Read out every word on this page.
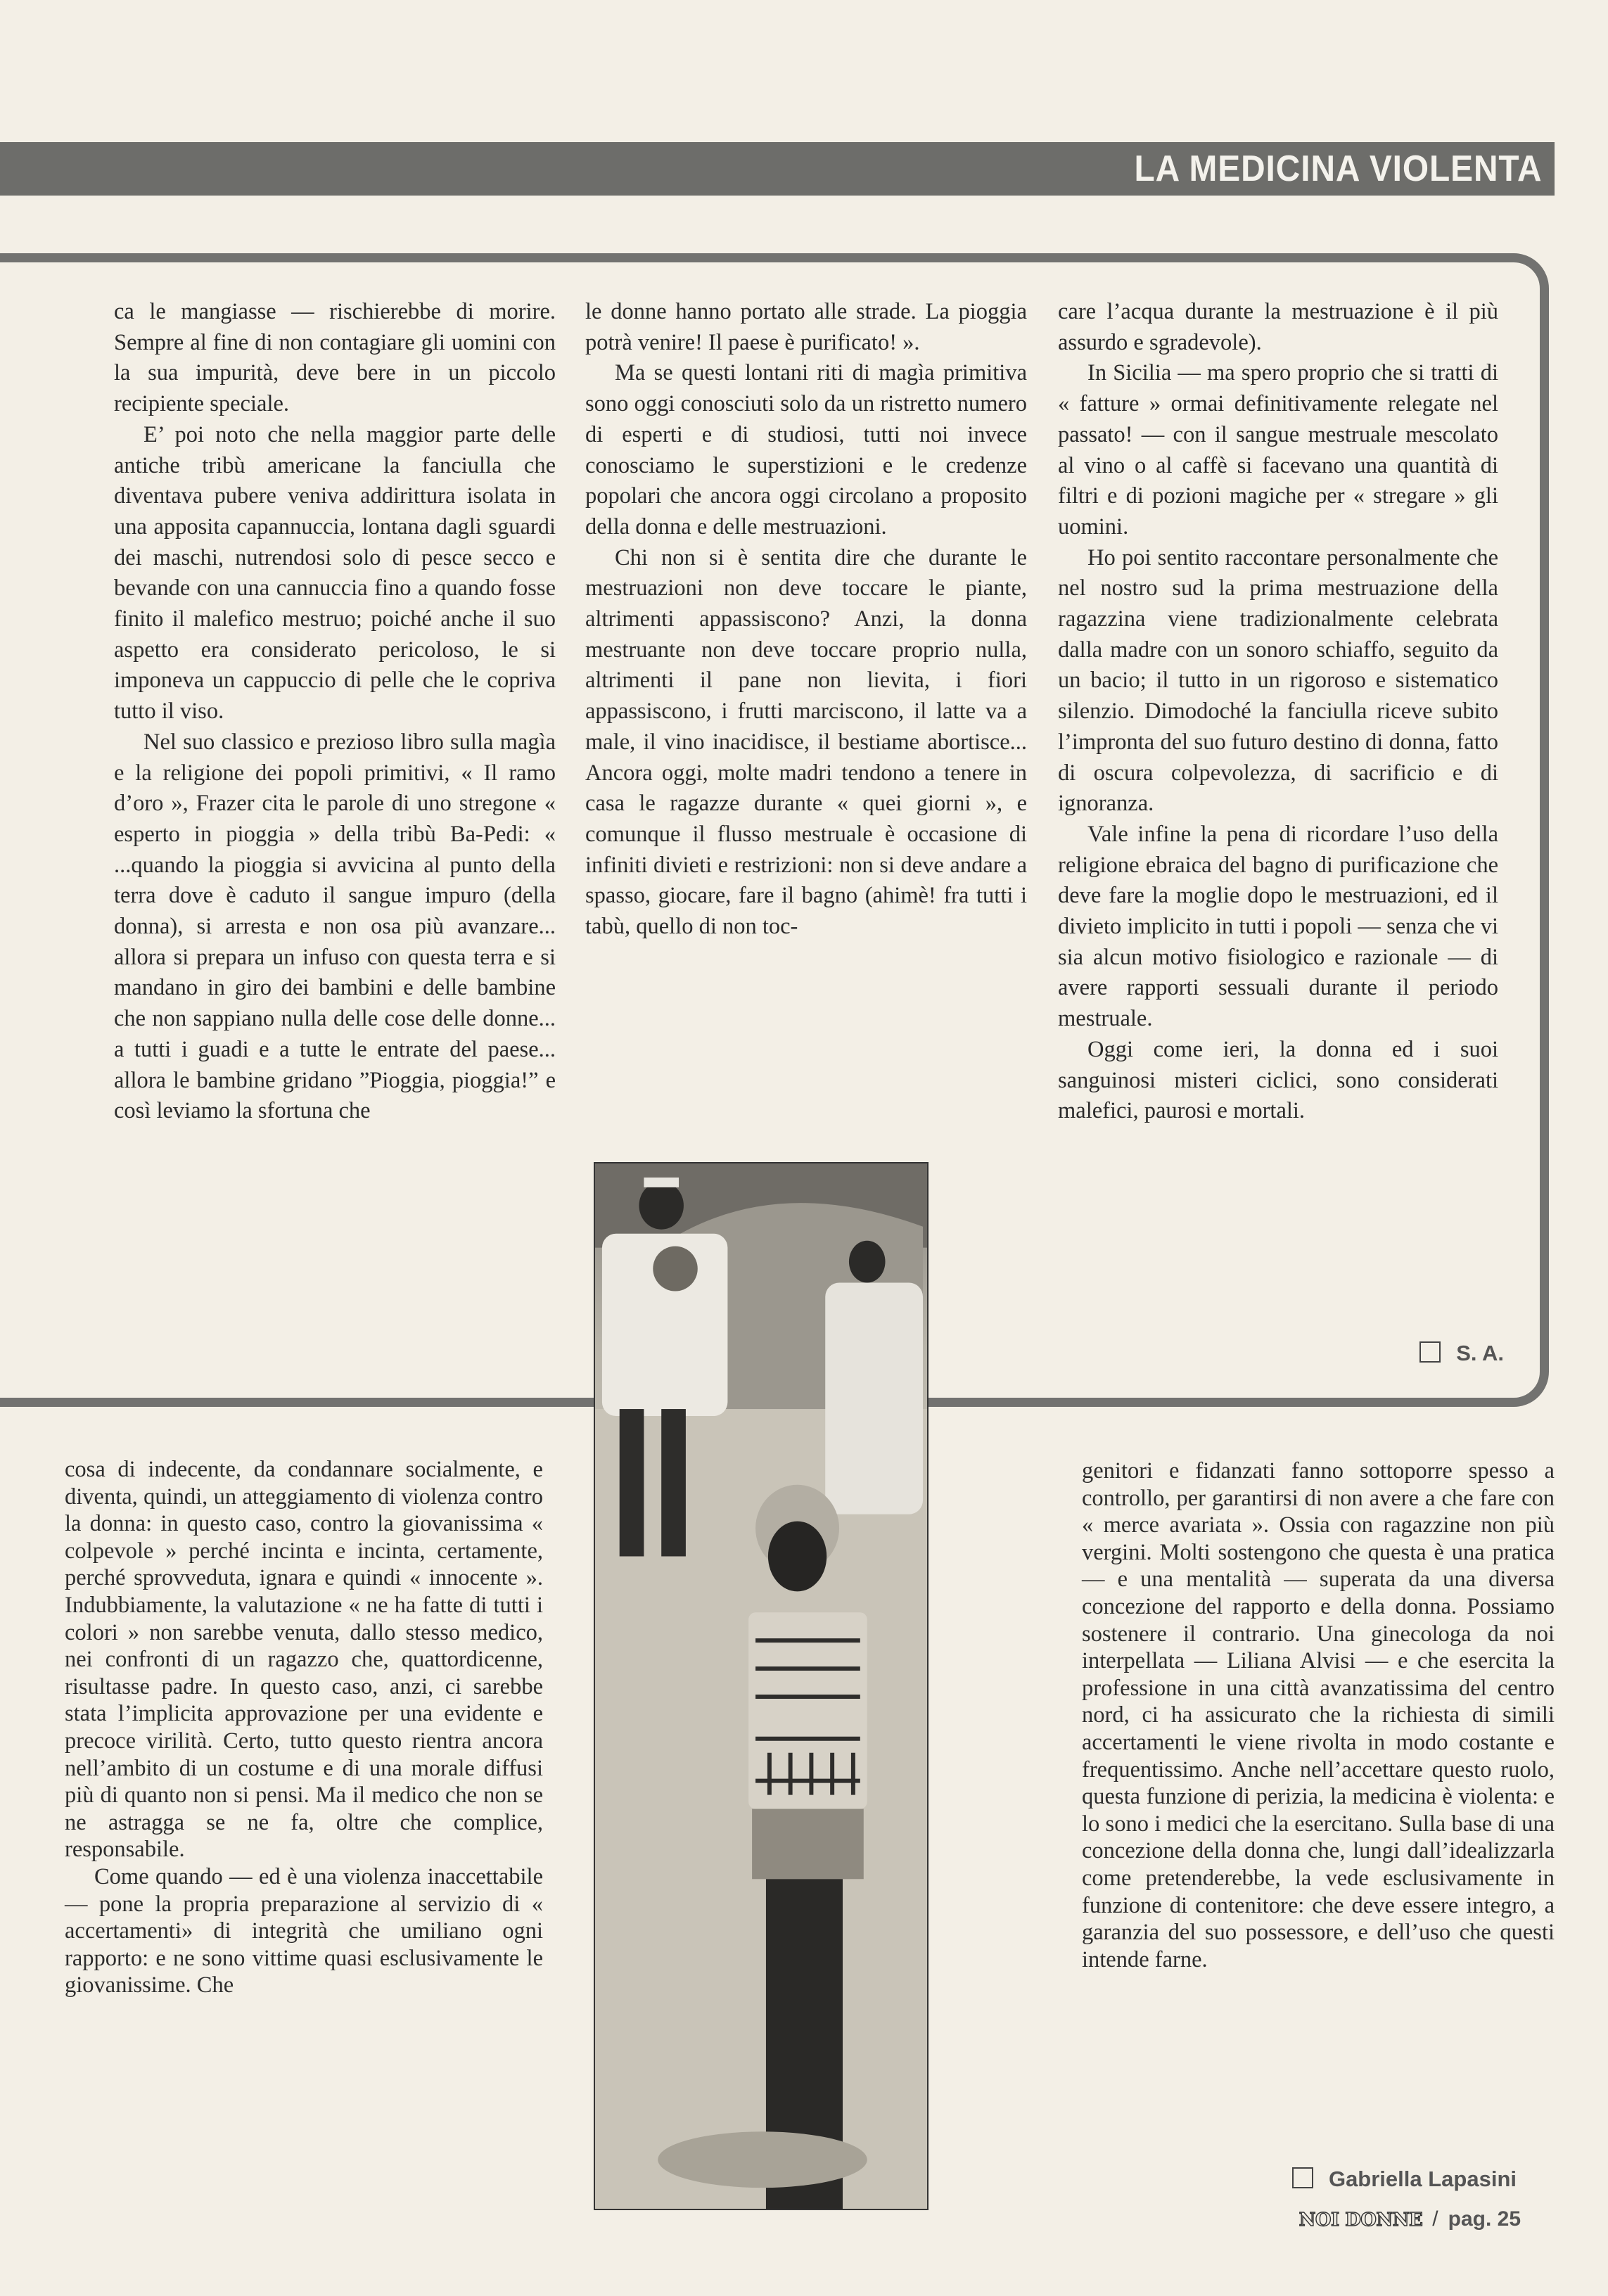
LA MEDICINA VIOLENTA

ca le mangiasse — rischierebbe di morire. Sempre al fine di non contagiare gli uomini con la sua impurità, deve bere in un piccolo recipiente speciale.

E’ poi noto che nella maggior parte delle antiche tribù americane la fanciulla che diventava pubere veniva addirittura isolata in una apposita capannuccia, lontana dagli sguardi dei maschi, nutrendosi solo di pesce secco e bevande con una cannuccia fino a quando fosse finito il malefico mestruo; poiché anche il suo aspetto era considerato pericoloso, le si imponeva un cappuccio di pelle che le copriva tutto il viso.

Nel suo classico e prezioso libro sulla magìa e la religione dei popoli primitivi, « Il ramo d’oro », Frazer cita le parole di uno stregone « esperto in pioggia » della tribù Ba-Pedi: « ...quando la pioggia si avvicina al punto della terra dove è caduto il sangue impuro (della donna), si arresta e non osa più avanzare... allora si prepara un infuso con questa terra e si mandano in giro dei bambini e delle bambine che non sappiano nulla delle cose delle donne... a tutti i guadi e a tutte le entrate del paese... allora le bambine gridano ”Pioggia, pioggia!” e così leviamo la sfortuna che

le donne hanno portato alle strade. La pioggia potrà venire! Il paese è purificato! ».

Ma se questi lontani riti di magìa primitiva sono oggi conosciuti solo da un ristretto numero di esperti e di studiosi, tutti noi invece conosciamo le superstizioni e le credenze popolari che ancora oggi circolano a proposito della donna e delle mestruazioni.

Chi non si è sentita dire che durante le mestruazioni non deve toccare le piante, altrimenti appassiscono? Anzi, la donna mestruante non deve toccare proprio nulla, altrimenti il pane non lievita, i fiori appassiscono, i frutti marciscono, il latte va a male, il vino inacidisce, il bestiame abortisce... Ancora oggi, molte madri tendono a tenere in casa le ragazze durante « quei giorni », e comunque il flusso mestruale è occasione di infiniti divieti e restrizioni: non si deve andare a spasso, giocare, fare il bagno (ahimè! fra tutti i tabù, quello di non toc-

care l’acqua durante la mestruazione è il più assurdo e sgradevole).

In Sicilia — ma spero proprio che si tratti di « fatture » ormai definitivamente relegate nel passato! — con il sangue mestruale mescolato al vino o al caffè si facevano una quantità di filtri e di pozioni magiche per « stregare » gli uomini.

Ho poi sentito raccontare personalmente che nel nostro sud la prima mestruazione della ragazzina viene tradizionalmente celebrata dalla madre con un sonoro schiaffo, seguito da un bacio; il tutto in un rigoroso e sistematico silenzio. Dimodoché la fanciulla riceve subito l’impronta del suo futuro destino di donna, fatto di oscura colpevolezza, di sacrificio e di ignoranza.

Vale infine la pena di ricordare l’uso della religione ebraica del bagno di purificazione che deve fare la moglie dopo le mestruazioni, ed il divieto implicito in tutti i popoli — senza che vi sia alcun motivo fisiologico e razionale — di avere rapporti sessuali durante il periodo mestruale.

Oggi come ieri, la donna ed i suoi sanguinosi misteri ciclici, sono considerati malefici, paurosi e mortali.

S. A.

cosa di indecente, da condannare socialmente, e diventa, quindi, un atteggiamento di violenza contro la donna: in questo caso, contro la giovanissima « colpevole » perché incinta e incinta, certamente, perché sprovveduta, ignara e quindi « innocente ». Indubbiamente, la valutazione « ne ha fatte di tutti i colori » non sarebbe venuta, dallo stesso medico, nei confronti di un ragazzo che, quattordicenne, risultasse padre. In questo caso, anzi, ci sarebbe stata l’implicita approvazione per una evidente e precoce virilità. Certo, tutto questo rientra ancora nell’ambito di un costume e di una morale diffusi più di quanto non si pensi. Ma il medico che non se ne astragga se ne fa, oltre che complice, responsabile.

Come quando — ed è una violenza inaccettabile — pone la propria preparazione al servizio di « accertamenti» di integrità che umiliano ogni rapporto: e ne sono vittime quasi esclusivamente le giovanissime. Che

genitori e fidanzati fanno sottoporre spesso a controllo, per garantirsi di non avere a che fare con « merce avariata ». Ossia con ragazzine non più vergini. Molti sostengono che questa è una pratica — e una mentalità — superata da una diversa concezione del rapporto e della donna. Possiamo sostenere il contrario. Una ginecologa da noi interpellata — Liliana Alvisi — e che esercita la professione in una città avanzatissima del centro nord, ci ha assicurato che la richiesta di simili accertamenti le viene rivolta in modo costante e frequentissimo. Anche nell’accettare questo ruolo, questa funzione di perizia, la medicina è violenta: e lo sono i medici che la esercitano. Sulla base di una concezione della donna che, lungi dall’idealizzarla come pretenderebbe, la vede esclusivamente in funzione di contenitore: che deve essere integro, a garanzia del suo possessore, e dell’uso che questi intende farne.

Gabriella Lapasini
NOI DONNE / pag. 25
